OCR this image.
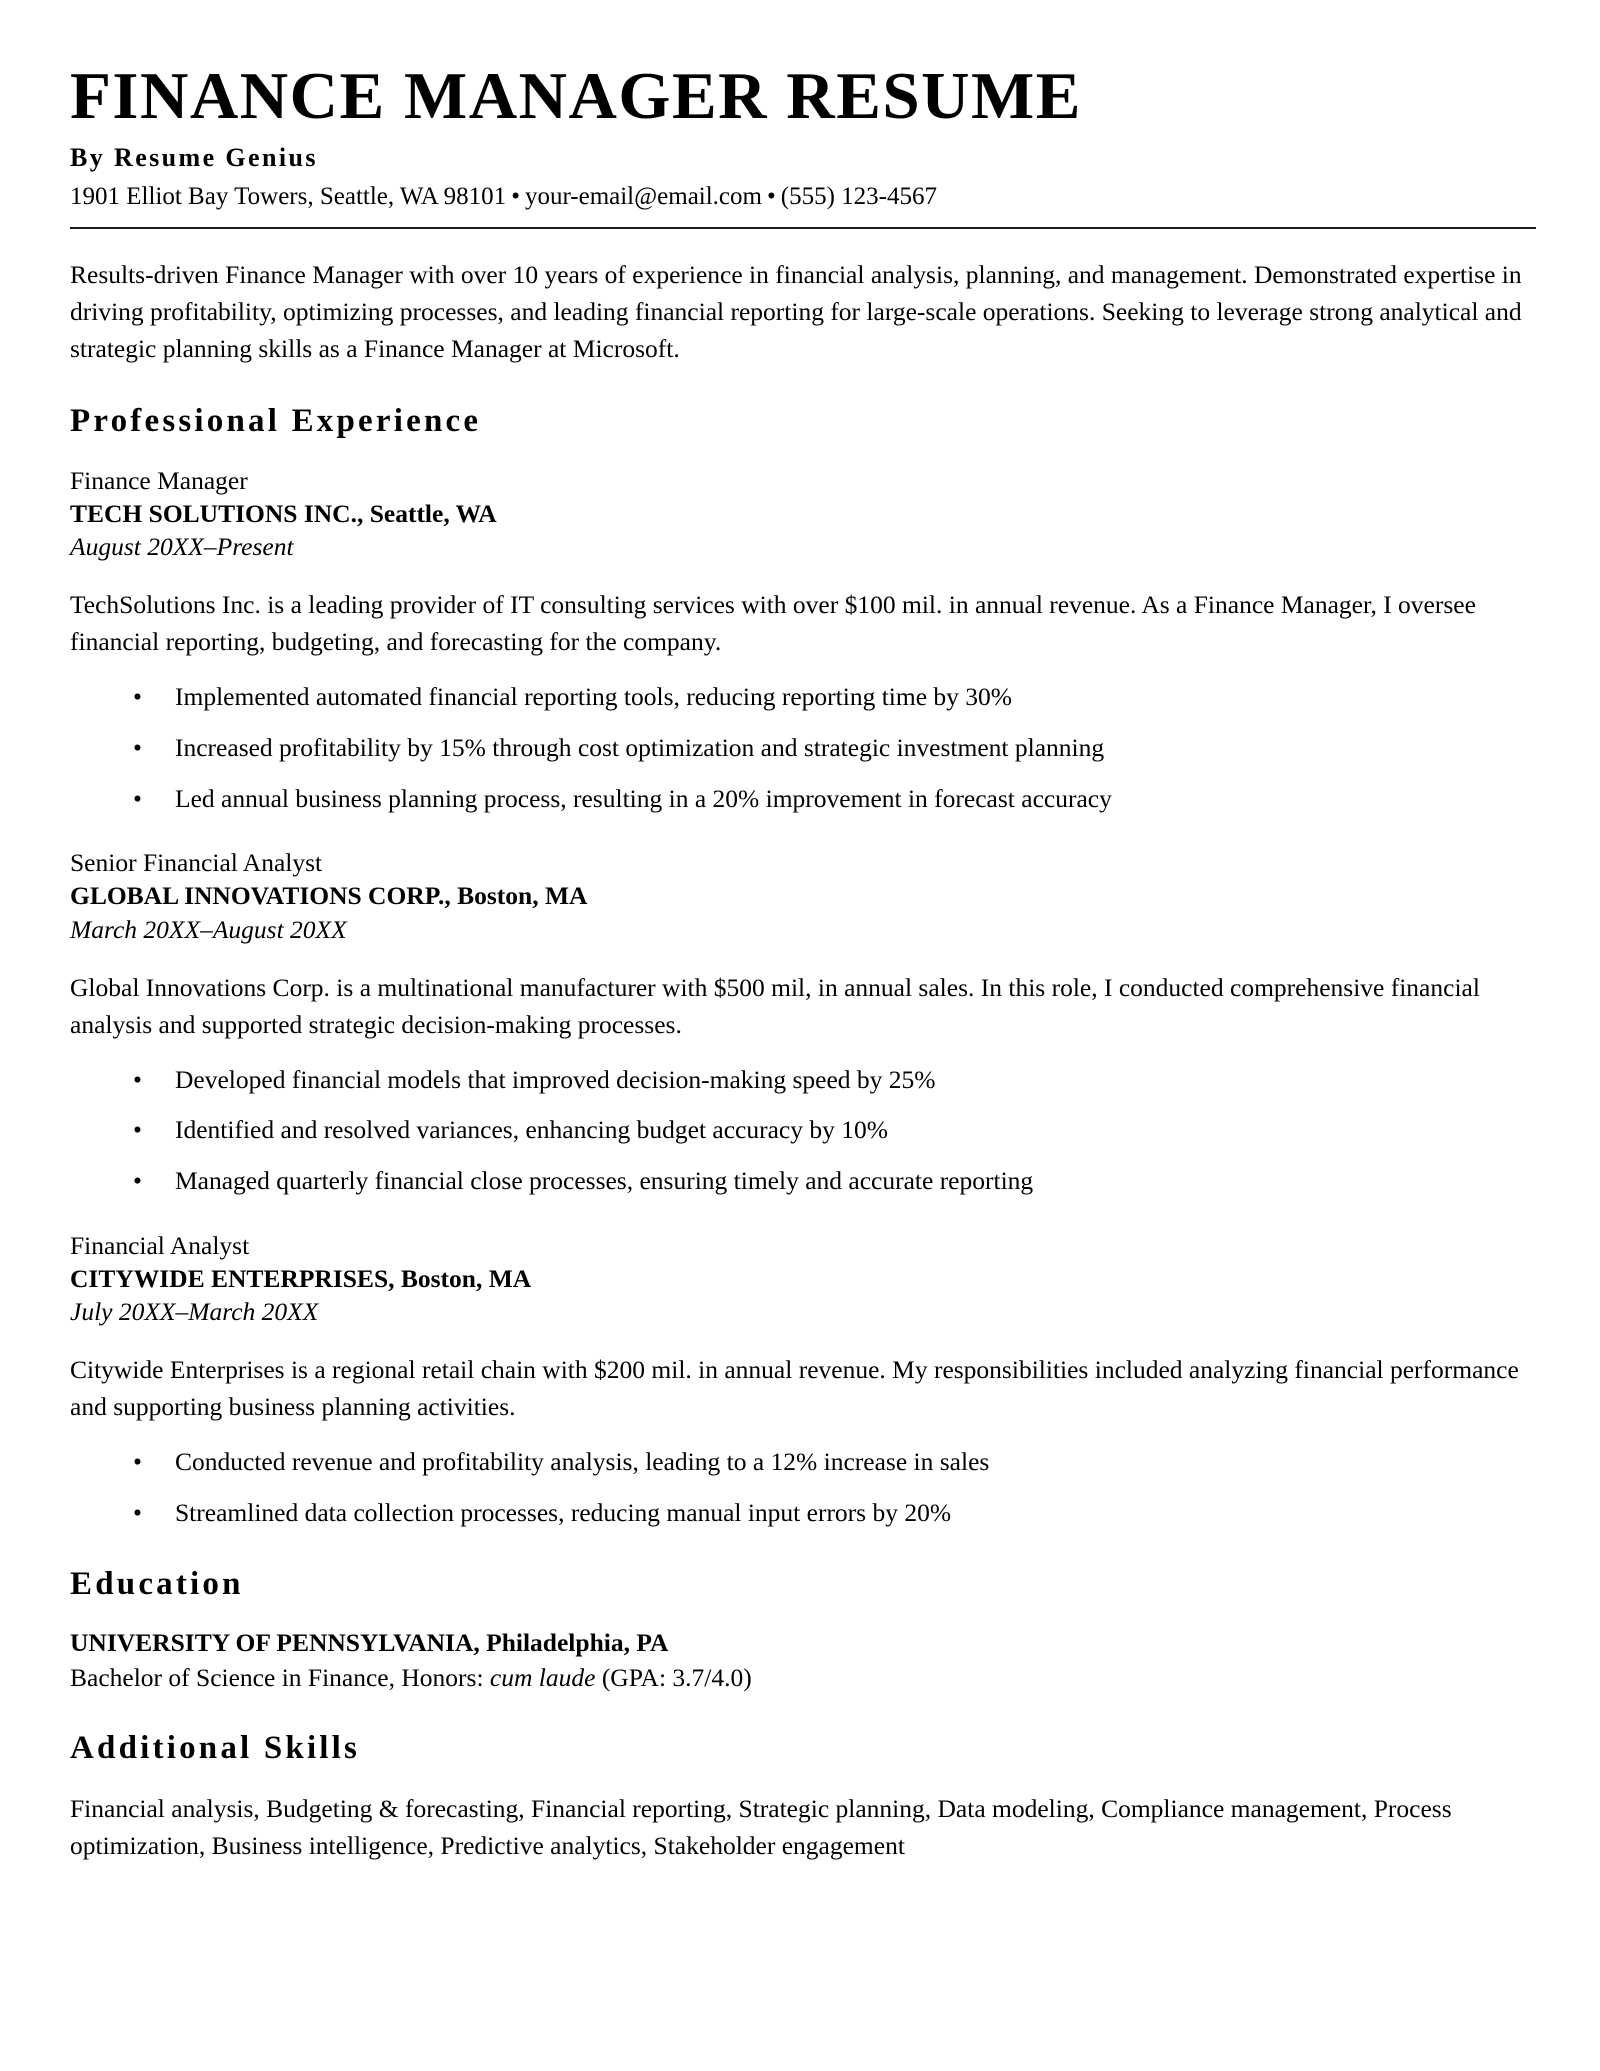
FINANCE MANAGER RESUME
By Resume Genius
1901 Elliot Bay Towers, Seattle, WA 98101 • your-email@email.com • (555) 123-4567

Results-driven Finance Manager with over 10 years of experience in financial analysis, planning, and management. Demonstrated expertise in driving profitability, optimizing processes, and leading financial reporting for large-scale operations. Seeking to leverage strong analytical and strategic planning skills as a Finance Manager at Microsoft.

Professional Experience

Finance Manager

TECH SOLUTIONS INC., Seattle, WA

August 20XX–Present

TechSolutions Inc. is a leading provider of IT consulting services with over $100 mil. in annual revenue. As a Finance Manager, I oversee financial reporting, budgeting, and forecasting for the company.

• Implemented automated financial reporting tools, reducing reporting time by 30%
• Increased profitability by 15% through cost optimization and strategic investment planning
• Led annual business planning process, resulting in a 20% improvement in forecast accuracy

Senior Financial Analyst

GLOBAL INNOVATIONS CORP., Boston, MA

March 20XX–August 20XX

Global Innovations Corp. is a multinational manufacturer with $500 mil, in annual sales. In this role, I conducted comprehensive financial analysis and supported strategic decision-making processes.

• Developed financial models that improved decision-making speed by 25%
• Identified and resolved variances, enhancing budget accuracy by 10%
• Managed quarterly financial close processes, ensuring timely and accurate reporting

Financial Analyst

CITYWIDE ENTERPRISES, Boston, MA

July 20XX–March 20XX

Citywide Enterprises is a regional retail chain with $200 mil. in annual revenue. My responsibilities included analyzing financial performance and supporting business planning activities.

• Conducted revenue and profitability analysis, leading to a 12% increase in sales
• Streamlined data collection processes, reducing manual input errors by 20%
Education

UNIVERSITY OF PENNSYLVANIA, Philadelphia, PA

Bachelor of Science in Finance, Honors: cum laude (GPA: 3.7/4.0)

Additional Skills

Financial analysis, Budgeting & forecasting, Financial reporting, Strategic planning, Data modeling, Compliance management, Process optimization, Business intelligence, Predictive analytics, Stakeholder engagement
